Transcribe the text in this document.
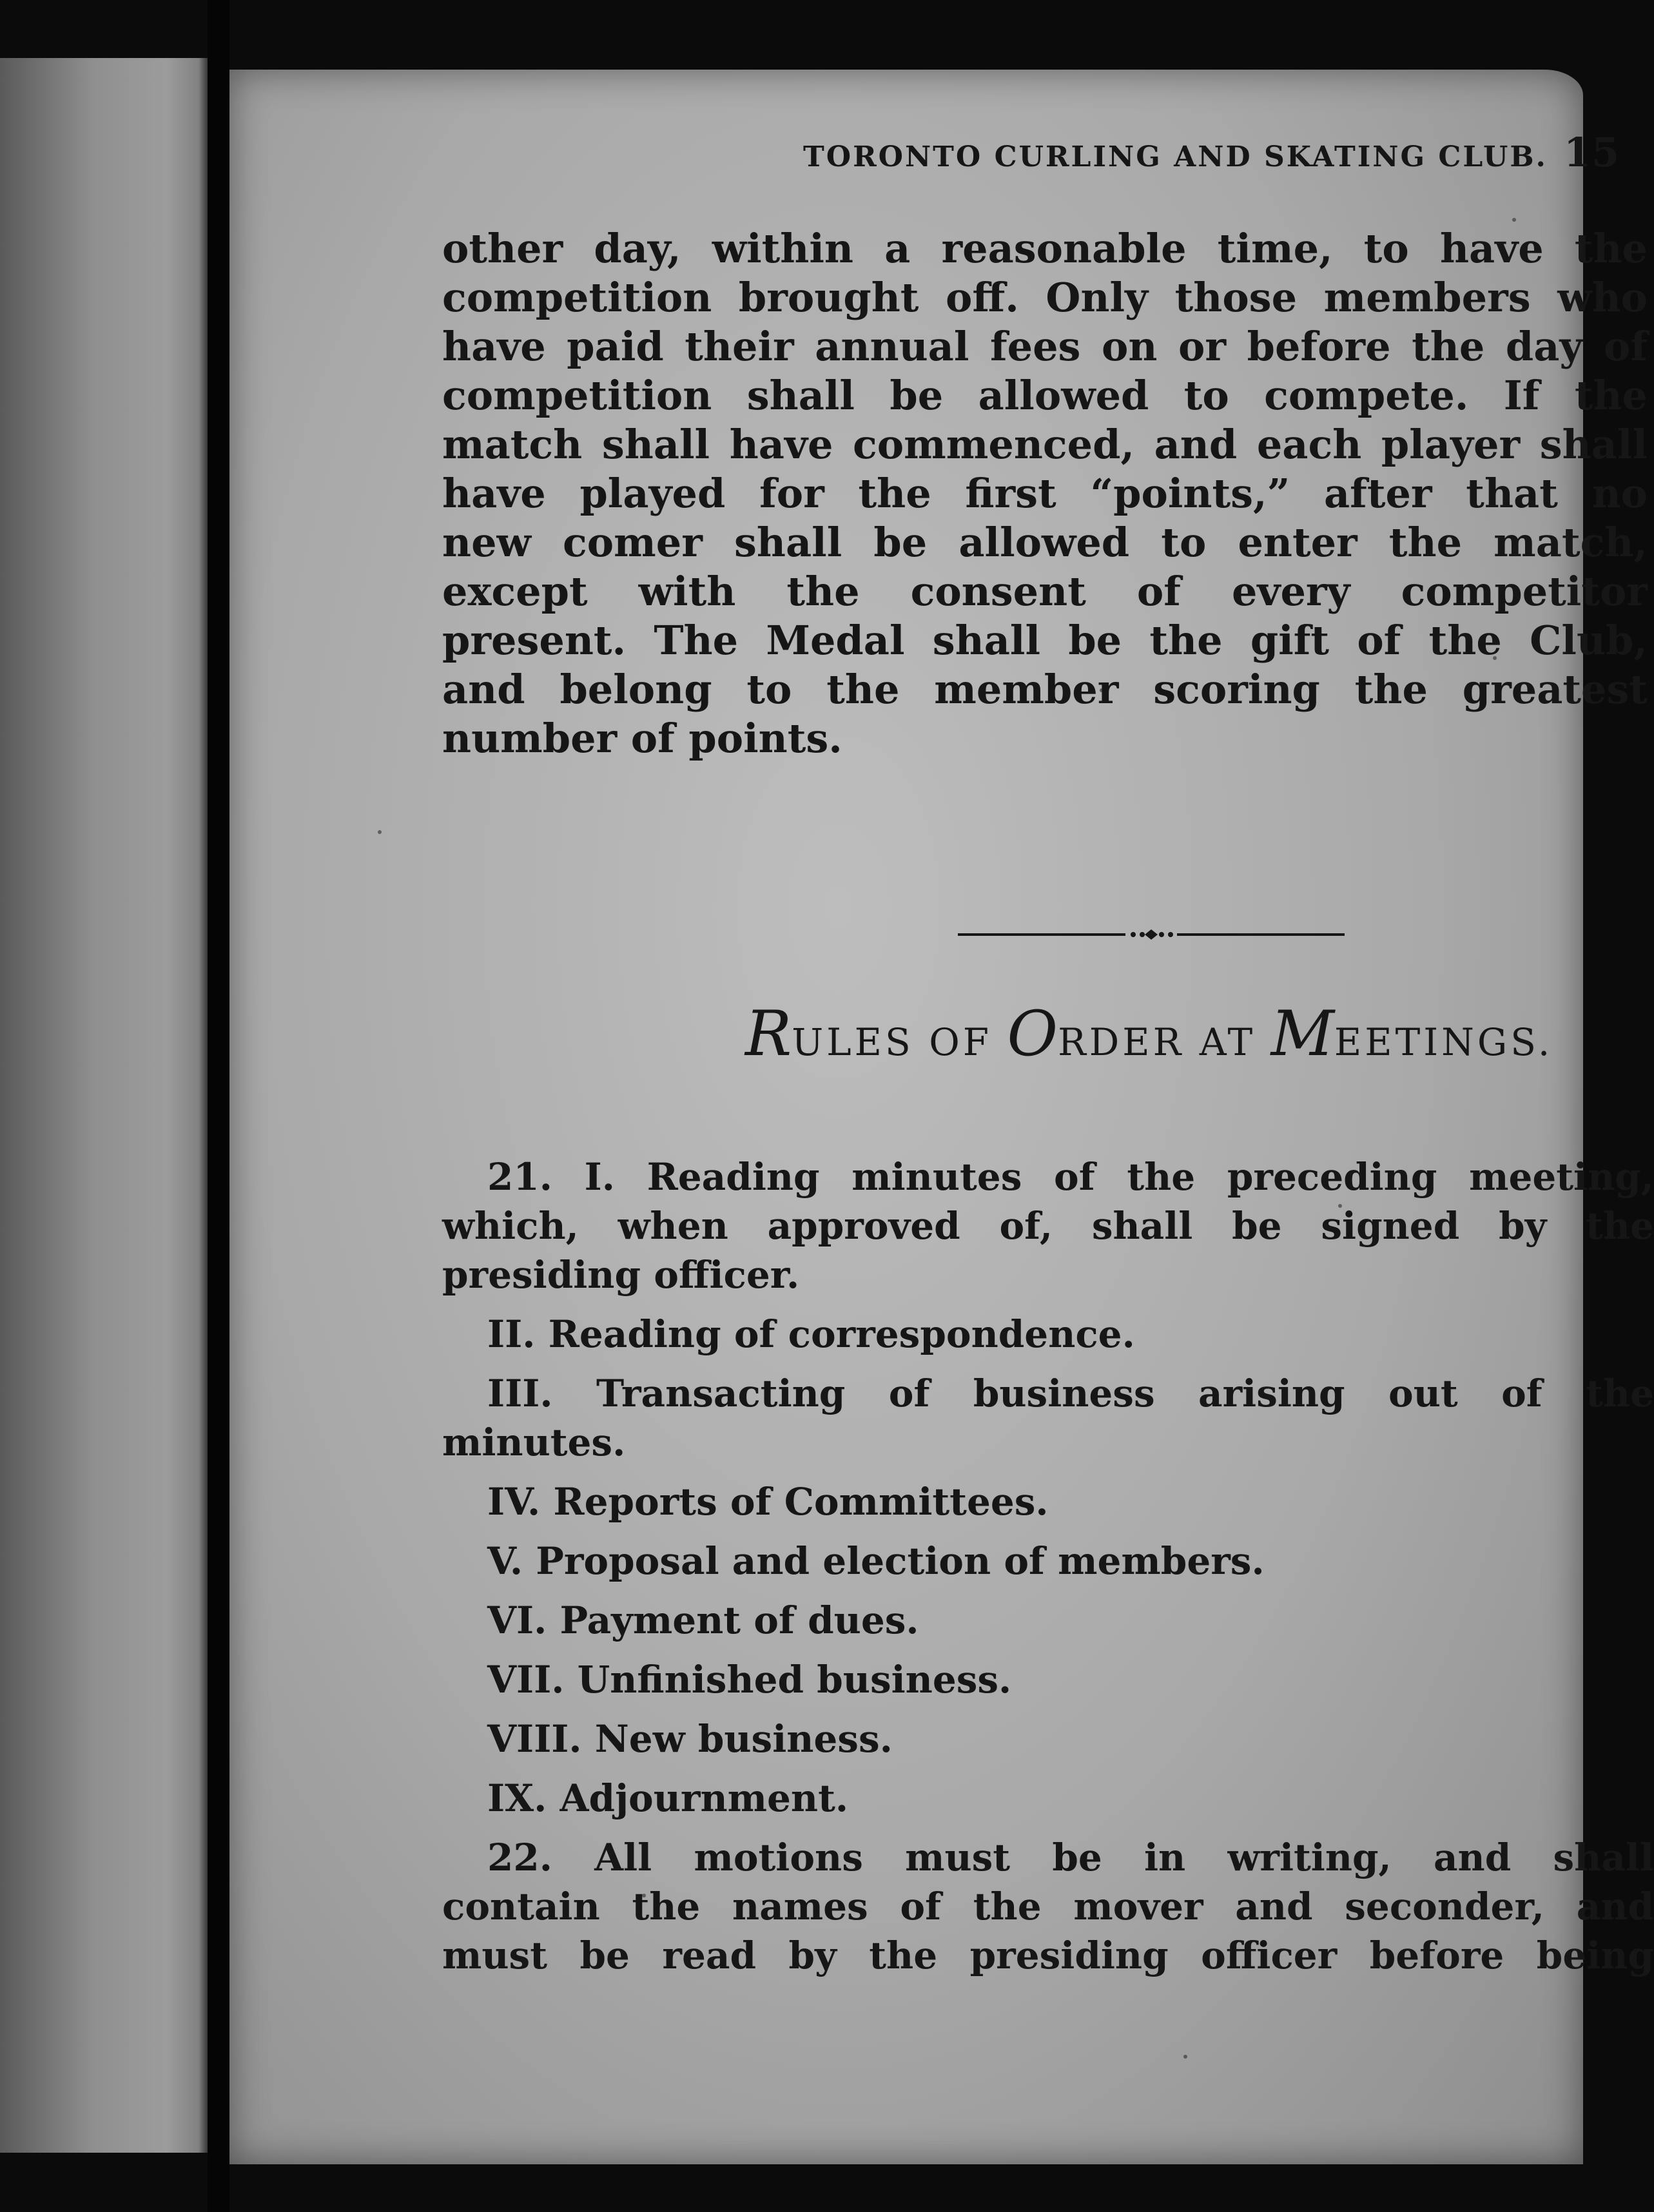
TORONTO CURLING AND SKATING CLUB. 15
other day, within a reasonable time, to have the
competition brought off. Only those members who
have paid their annual fees on or before the day of
competition shall be allowed to compete. If the
match shall have commenced, and each player shall
have played for the first “points,” after that no
new comer shall be allowed to enter the match,
except with the consent of every competitor
present. The Medal shall be the gift of the Club,
and belong to the member scoring the greatest
number of points.
RULES OF ORDER AT MEETINGS.
21. I. Reading minutes of the preceding meeting,
which, when approved of, shall be signed by the
presiding officer.
II. Reading of correspondence.
III. Transacting of business arising out of the
minutes.
IV. Reports of Committees.
V. Proposal and election of members.
VI. Payment of dues.
VII. Unfinished business.
VIII. New business.
IX. Adjournment.
22. All motions must be in writing, and shall
contain the names of the mover and seconder, and
must be read by the presiding officer before being
